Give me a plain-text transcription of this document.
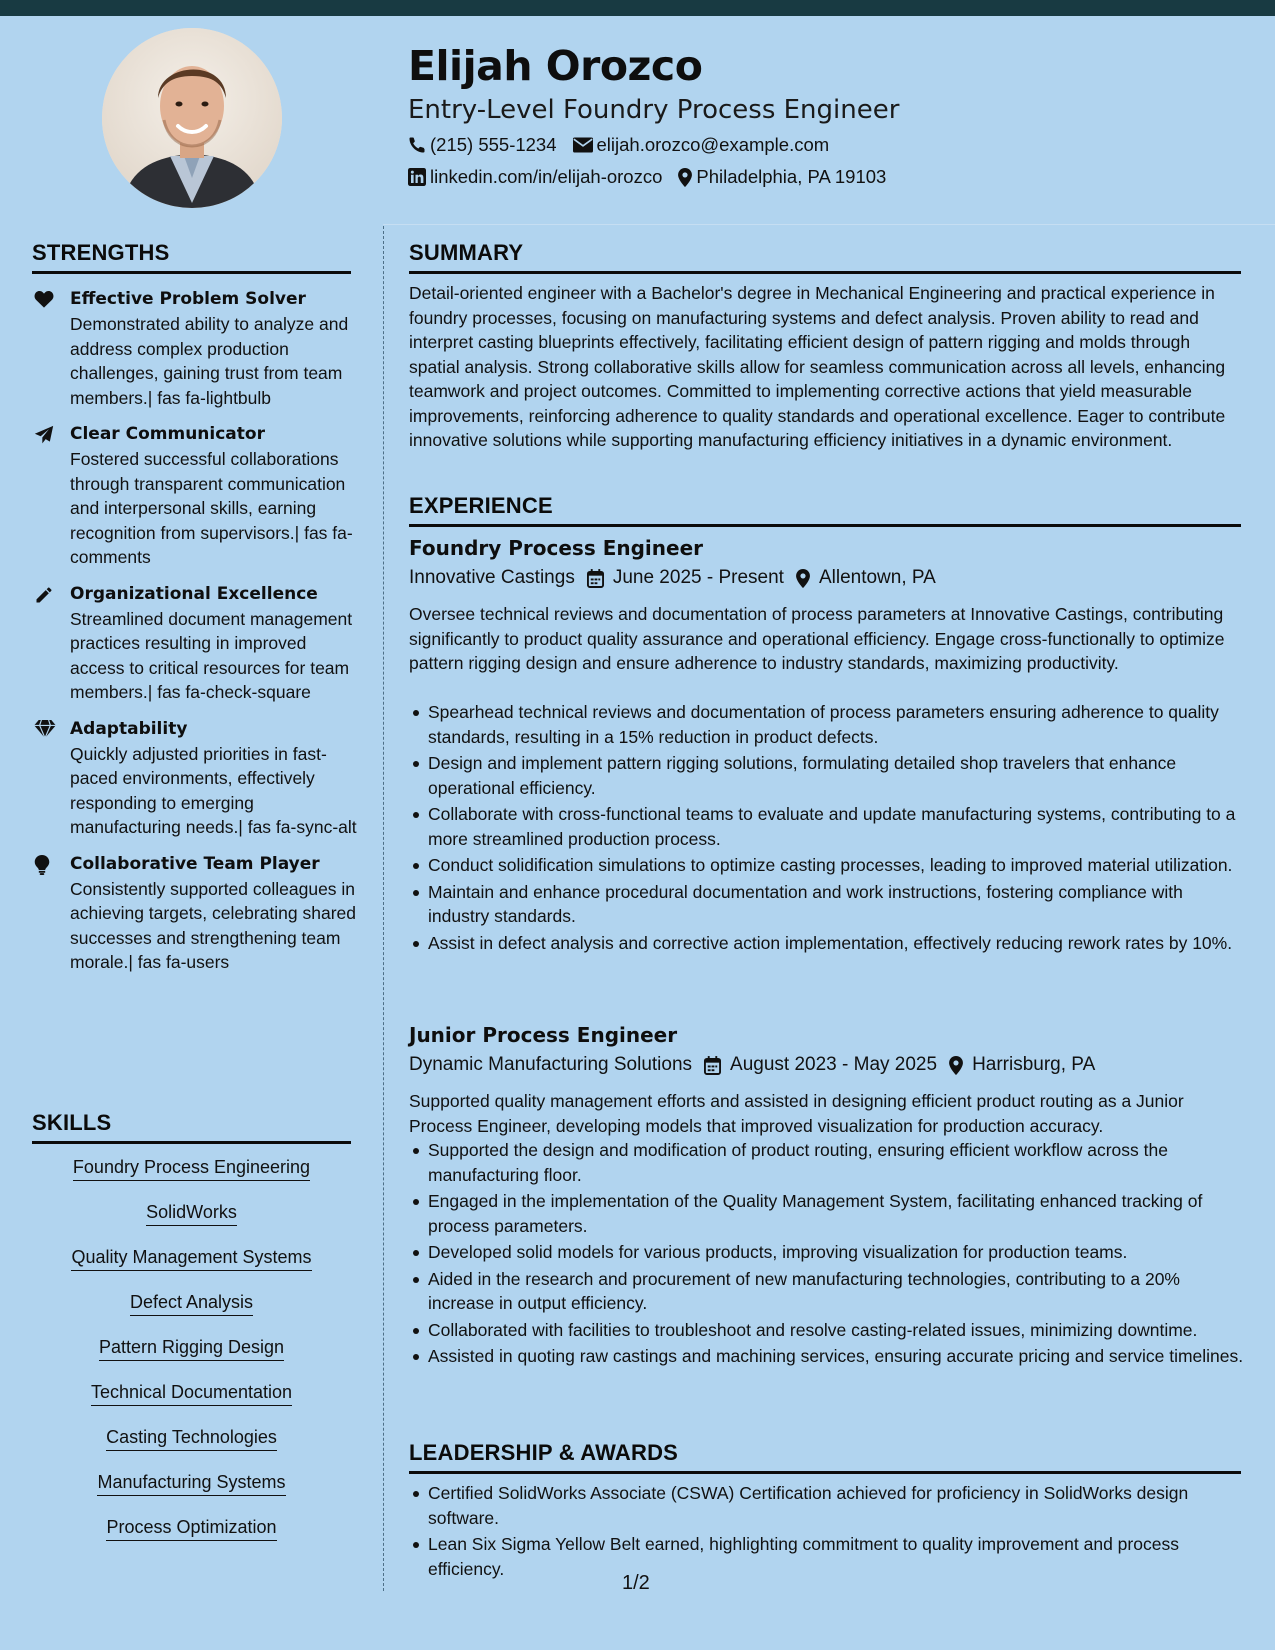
Elijah Orozco
Entry-Level Foundry Process Engineer
(215) 555-1234 elijah.orozco@example.com
linkedin.com/in/elijah-orozco Philadelphia, PA 19103
STRENGTHS
Effective Problem Solver
Demonstrated ability to analyze and address complex production challenges, gaining trust from team members.| fas fa-lightbulb
Clear Communicator
Fostered successful collaborations through transparent communication and interpersonal skills, earning recognition from supervisors.| fas fa-comments
Organizational Excellence
Streamlined document management practices resulting in improved access to critical resources for team members.| fas fa-check-square
Adaptability
Quickly adjusted priorities in fast-paced environments, effectively responding to emerging manufacturing needs.| fas fa-sync-alt
Collaborative Team Player
Consistently supported colleagues in achieving targets, celebrating shared successes and strengthening team morale.| fas fa-users
SKILLS
Foundry Process Engineering
SolidWorks
Quality Management Systems
Defect Analysis
Pattern Rigging Design
Technical Documentation
Casting Technologies
Manufacturing Systems
Process Optimization
SUMMARY
Detail-oriented engineer with a Bachelor's degree in Mechanical Engineering and practical experience in foundry processes, focusing on manufacturing systems and defect analysis. Proven ability to read and interpret casting blueprints effectively, facilitating efficient design of pattern rigging and molds through spatial analysis. Strong collaborative skills allow for seamless communication across all levels, enhancing teamwork and project outcomes. Committed to implementing corrective actions that yield measurable improvements, reinforcing adherence to quality standards and operational excellence. Eager to contribute innovative solutions while supporting manufacturing efficiency initiatives in a dynamic environment.
EXPERIENCE
Foundry Process Engineer
Innovative Castings June 2025 - Present Allentown, PA
Oversee technical reviews and documentation of process parameters at Innovative Castings, contributing significantly to product quality assurance and operational efficiency. Engage cross-functionally to optimize pattern rigging design and ensure adherence to industry standards, maximizing productivity.
Spearhead technical reviews and documentation of process parameters ensuring adherence to quality standards, resulting in a 15% reduction in product defects.
Design and implement pattern rigging solutions, formulating detailed shop travelers that enhance operational efficiency.
Collaborate with cross-functional teams to evaluate and update manufacturing systems, contributing to a more streamlined production process.
Conduct solidification simulations to optimize casting processes, leading to improved material utilization.
Maintain and enhance procedural documentation and work instructions, fostering compliance with industry standards.
Assist in defect analysis and corrective action implementation, effectively reducing rework rates by 10%.
Junior Process Engineer
Dynamic Manufacturing Solutions August 2023 - May 2025 Harrisburg, PA
Supported quality management efforts and assisted in designing efficient product routing as a Junior Process Engineer, developing models that improved visualization for production accuracy.
Supported the design and modification of product routing, ensuring efficient workflow across the manufacturing floor.
Engaged in the implementation of the Quality Management System, facilitating enhanced tracking of process parameters.
Developed solid models for various products, improving visualization for production teams.
Aided in the research and procurement of new manufacturing technologies, contributing to a 20% increase in output efficiency.
Collaborated with facilities to troubleshoot and resolve casting-related issues, minimizing downtime.
Assisted in quoting raw castings and machining services, ensuring accurate pricing and service timelines.
LEADERSHIP & AWARDS
Certified SolidWorks Associate (CSWA) Certification achieved for proficiency in SolidWorks design software.
Lean Six Sigma Yellow Belt earned, highlighting commitment to quality improvement and process efficiency.
1/2
